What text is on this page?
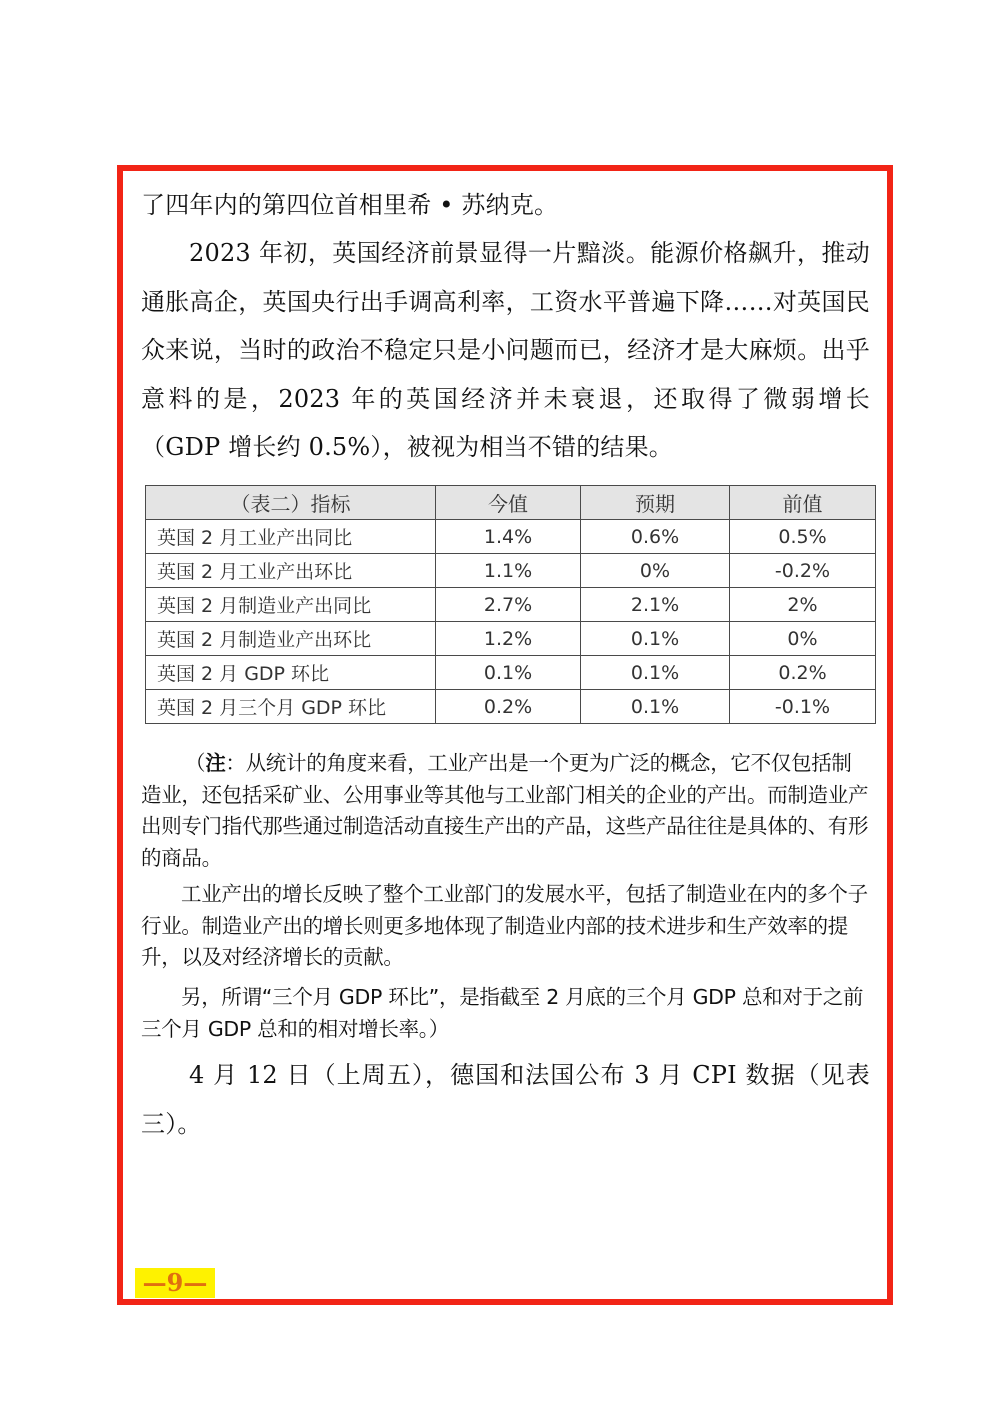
了四年内的第四位首相里希 • 苏纳克。

2023 年初，英国经济前景显得一片黯淡。能源价格飙升，推动通胀高企，英国央行出手调高利率，工资水平普遍下降……对英国民众来说，当时的政治不稳定只是小问题而已，经济才是大麻烦。出乎意料的是，2023 年的英国经济并未衰退，还取得了微弱增长（GDP 增长约 0.5%），被视为相当不错的结果。

（表二）指标	今值	预期	前值
英国 2 月工业产出同比	1.4%	0.6%	0.5%
英国 2 月工业产出环比	1.1%	0%	-0.2%
英国 2 月制造业产出同比	2.7%	2.1%	2%
英国 2 月制造业产出环比	1.2%	0.1%	0%
英国 2 月 GDP 环比	0.1%	0.1%	0.2%
英国 2 月三个月 GDP 环比	0.2%	0.1%	-0.1%

（注：从统计的角度来看，工业产出是一个更为广泛的概念，它不仅包括制造业，还包括采矿业、公用事业等其他与工业部门相关的企业的产出。而制造业产出则专门指代那些通过制造活动直接生产出的产品，这些产品往往是具体的、有形的商品。

工业产出的增长反映了整个工业部门的发展水平，包括了制造业在内的多个子行业。制造业产出的增长则更多地体现了制造业内部的技术进步和生产效率的提升，以及对经济增长的贡献。

另，所谓“三个月 GDP 环比”，是指截至 2 月底的三个月 GDP 总和对于之前三个月 GDP 总和的相对增长率。）

4 月 12 日（上周五），德国和法国公布 3 月 CPI 数据（见表三）。

—9—
